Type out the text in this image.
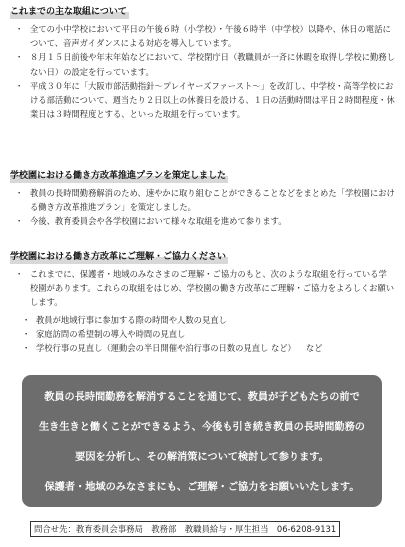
これまでの主な取組について
・ 全ての小中学校において平日の午後６時（小学校）・午後６時半（中学校）以降や、休日の電話について、音声ガイダンスによる対応を導入しています。
・ ８月１５日前後や年末年始などにおいて、学校閉庁日（教職員が一斉に休暇を取得し学校に勤務しない日）の設定を行っています。
・ 平成３０年に「大阪市部活動指針～プレイヤーズファースト～」を改訂し、中学校・高等学校における部活動について、週当たり２日以上の休養日を設ける、１日の活動時間は平日２時間程度・休業日は３時間程度とする、といった取組を行っています。
学校園における働き方改革推進プランを策定しました
・ 教員の長時間勤務解消のため、速やかに取り組むことができることなどをまとめた「学校園における働き方改革推進プラン」を策定しました。
・ 今後、教育委員会や各学校園において様々な取組を進めて参ります。
学校園における働き方改革にご理解・ご協力ください
・ これまでに、保護者・地域のみなさまのご理解・ご協力のもと、次のような取組を行っている学校園があります。これらの取組をはじめ、学校園の働き方改革にご理解・ご協力をよろしくお願いします。
・ 教員が地域行事に参加する際の時間や人数の見直し
・ 家庭訪問の希望制の導入や時間の見直し
・ 学校行事の見直し（運動会の半日開催や泊行事の日数の見直し など） など

教員の長時間勤務を解消することを通じて、教員が子どもたちの前で

生き生きと働くことができるよう、今後も引き続き教員の長時間勤務の

要因を分析し、その解消策について検討して参ります。

保護者・地域のみなさまにも、ご理解・ご協力をお願いいたします。

問合せ先：教育委員会事務局　教務部　教職員給与・厚生担当　06-6208-9131
